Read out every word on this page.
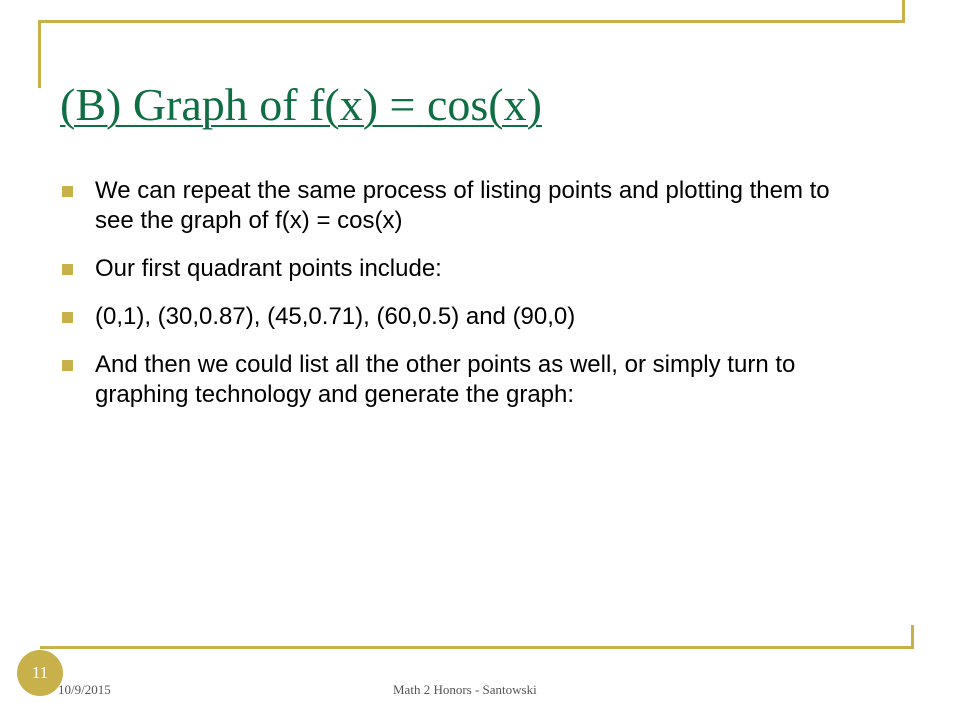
(B) Graph of f(x) = cos(x)
We can repeat the same process of listing points and plotting them to see the graph of f(x) = cos(x)
Our first quadrant points include:
(0,1), (30,0.87), (45,0.71), (60,0.5) and (90,0)
And then we could list all the other points as well, or simply turn to graphing technology and generate the graph:
11
10/9/2015	Math 2 Honors - Santowski
